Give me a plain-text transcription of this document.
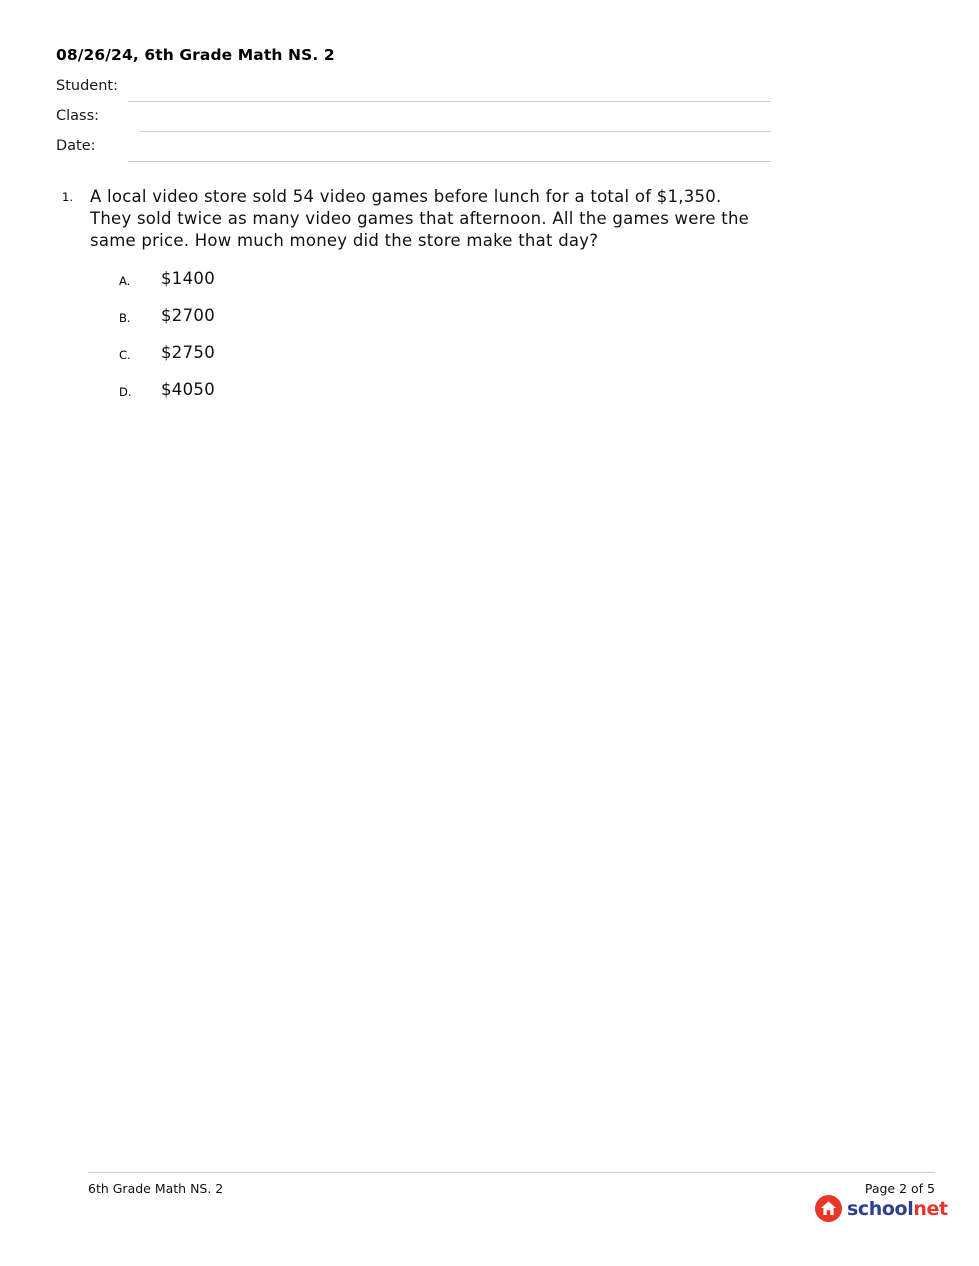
08/26/24, 6th Grade Math NS. 2
Student:
Class:
Date:
1. A local video store sold 54 video games before lunch for a total of $1,350. They sold twice as many video games that afternoon. All the games were the same price. How much money did the store make that day?
A. $1400
B. $2700
C. $2750
D. $4050
6th Grade Math NS. 2	Page 2 of 5
schoolnet
